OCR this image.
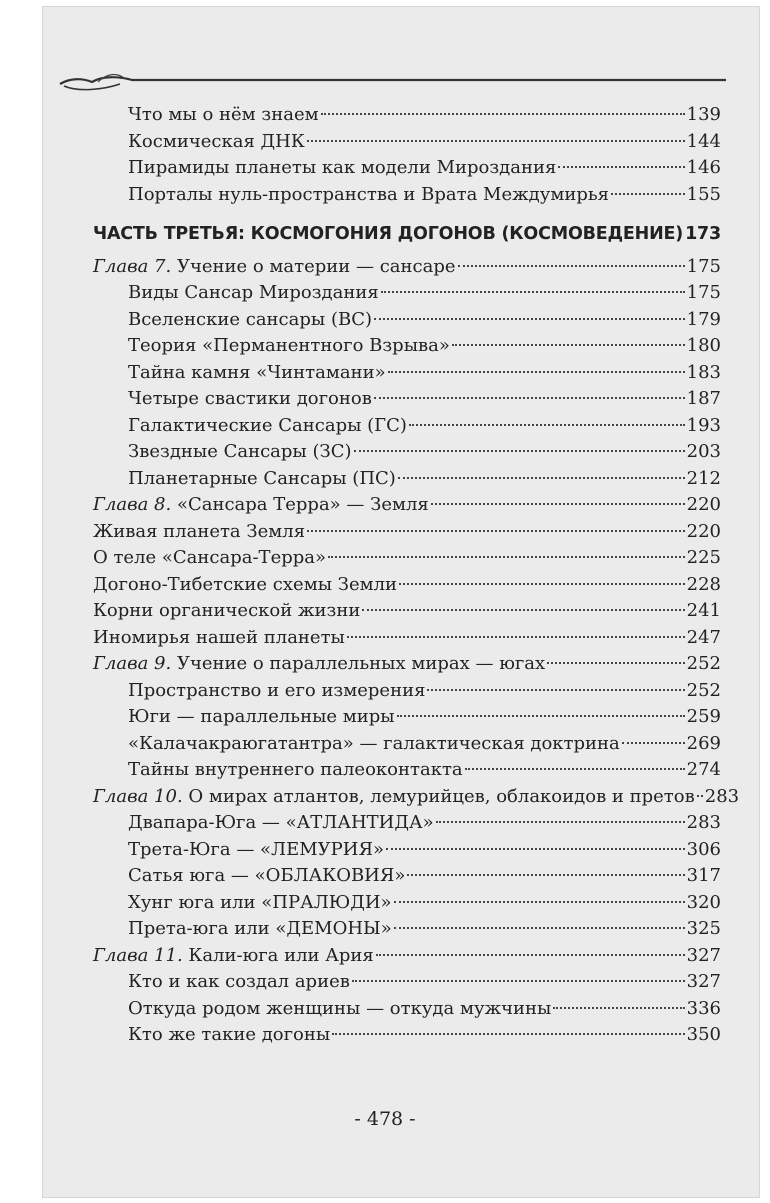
Что мы о нём знаем	139
Космическая ДНК	144
Пирамиды планеты как модели Мироздания	146
Порталы нуль-пространства и Врата Междумирья	155
ЧАСТЬ ТРЕТЬЯ: КОСМОГОНИЯ ДОГОНОВ (КОСМОВЕДЕНИЕ) 173
Глава 7. Учение о материи — сансаре	175
Виды Сансар Мироздания	175
Вселенские сансары (ВС)	179
Теория «Перманентного Взрыва»	180
Тайна камня «Чинтамани»	183
Четыре свастики догонов	187
Галактические Сансары (ГС)	193
Звездные Сансары (ЗС)	203
Планетарные Сансары (ПС)	212
Глава 8. «Сансара Терра» — Земля	220
Живая планета Земля	220
О теле «Сансара-Терра»	225
Догоно-Тибетские схемы Земли	228
Корни органической жизни	241
Иномирья нашей планеты	247
Глава 9. Учение о параллельных мирах — югах	252
Пространство и его измерения	252
Юги — параллельные миры	259
«Калачакраюгатантра» — галактическая доктрина	269
Тайны внутреннего палеоконтакта	274
Глава 10. О мирах атлантов, лемурийцев, облакоидов и претов 283
Двапара-Юга — «АТЛАНТИДА»	283
Трета-Юга — «ЛЕМУРИЯ»	306
Сатья юга — «ОБЛАКОВИЯ»	317
Хунг юга или «ПРАЛЮДИ»	320
Прета-юга или «ДЕМОНЫ»	325
Глава 11. Кали-юга или Ария	327
Кто и как создал ариев	327
Откуда родом женщины — откуда мужчины	336
Кто же такие догоны	350
- 478 -
